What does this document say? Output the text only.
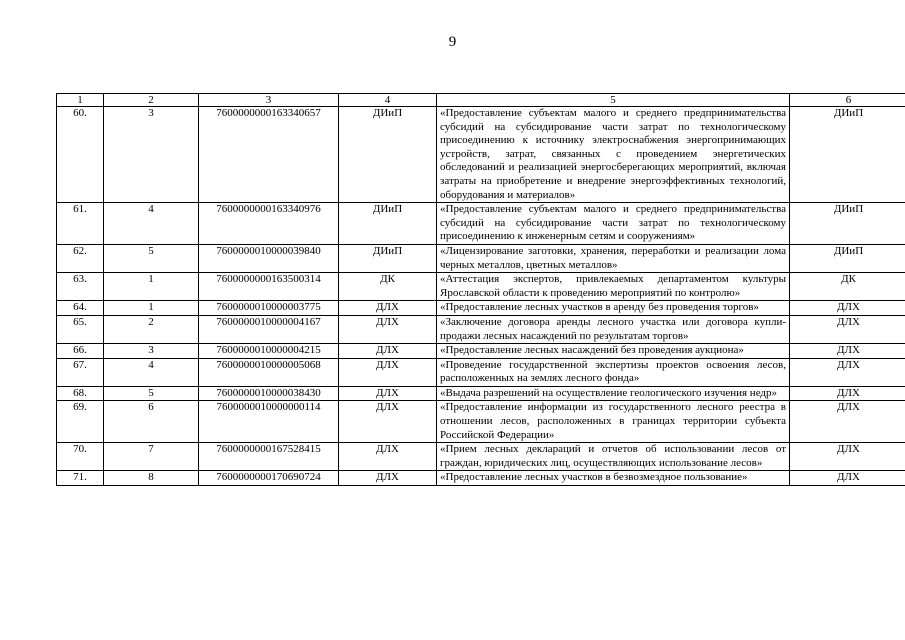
9
1	2	3	4	5	6
60.	3	7600000000163340657	ДИиП	«Предоставление субъектам малого и среднего предпринимательства субсидий на субсидирование части затрат по технологическому присоединению к источнику электроснабжения энергопринимающих устройств, затрат, связанных с проведением энергетических обследований и реализацией энергосберегающих мероприятий, включая затраты на приобретение и внедрение энергоэффективных технологий, оборудования и материалов»	ДИиП
61.	4	7600000000163340976	ДИиП	«Предоставление субъектам малого и среднего предпринимательства субсидий на субсидирование части затрат по технологическому присоединению к инженерным сетям и сооружениям»	ДИиП
62.	5	7600000010000039840	ДИиП	«Лицензирование заготовки, хранения, переработки и реализации лома черных металлов, цветных металлов»	ДИиП
63.	1	7600000000163500314	ДК	«Аттестация экспертов, привлекаемых департаментом культуры Ярославской области к проведению мероприятий по контролю»	ДК
64.	1	7600000010000003775	ДЛХ	«Предоставление лесных участков в аренду без проведения торгов»	ДЛХ
65.	2	7600000010000004167	ДЛХ	«Заключение договора аренды лесного участка или договора купли-продажи лесных насаждений по результатам торгов»	ДЛХ
66.	3	7600000010000004215	ДЛХ	«Предоставление лесных насаждений без проведения аукциона»	ДЛХ
67.	4	7600000010000005068	ДЛХ	«Проведение государственной экспертизы проектов освоения лесов, расположенных на землях лесного фонда»	ДЛХ
68.	5	7600000010000038430	ДЛХ	«Выдача разрешений на осуществление геологического изучения недр»	ДЛХ
69.	6	7600000010000000114	ДЛХ	«Предоставление информации из государственного лесного реестра в отношении лесов, расположенных в границах территории субъекта Российской Федерации»	ДЛХ
70.	7	7600000000167528415	ДЛХ	«Прием лесных деклараций и отчетов об использовании лесов от граждан, юридических лиц, осуществляющих использование лесов»	ДЛХ
71.	8	7600000000170690724	ДЛХ	«Предоставление лесных участков в безвозмездное пользование»	ДЛХ
